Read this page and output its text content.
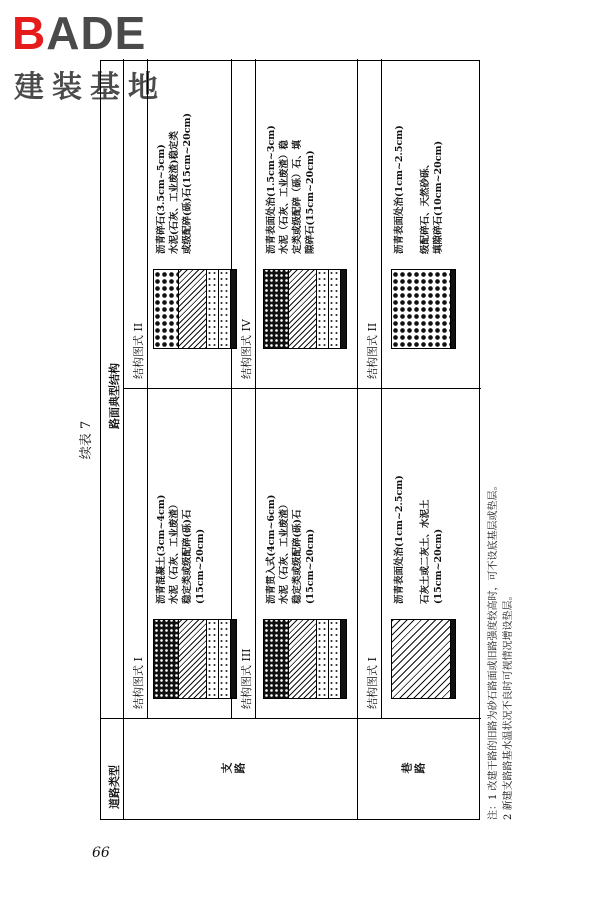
BADE
建装基地
66
续表 7
道路类型
路面典型结构
支路	巷路
结构图式 I
结构图式 II
沥青混凝土(3cm~4cm) 水泥（石灰、工业废渣） 稳定类或级配碎(砾)石 (15cm~20cm)
沥青碎石(3.5cm~5cm) 水泥(石灰、工业废渣)稳定类 或级配碎(砾)石(15cm~20cm)
结构图式 III
结构图式 IV
沥青贯入式(4cm~6cm) 水泥（石灰、工业废渣） 稳定类或级配碎(砾)石 (15cm~20cm)
沥青表面处治(1.5cm~3cm) 水泥（石灰、工业废渣）稳 定类或级配碎（砾）石、填 隙碎石(15cm~20cm)
结构图式 I
结构图式 II
沥青表面处治(1cm~2.5cm) 石灰土或二灰土、水泥土 (15cm~20cm)
沥青表面处治(1cm~2.5cm) 级配碎石、天然砂砾、 填隙碎石(10cm~20cm)
注：1 改建干路的旧路为砂石路面或旧路强度较高时，可不设底基层或垫层。 2 新建支路路基水温状况不良时可视情况增设垫层。
